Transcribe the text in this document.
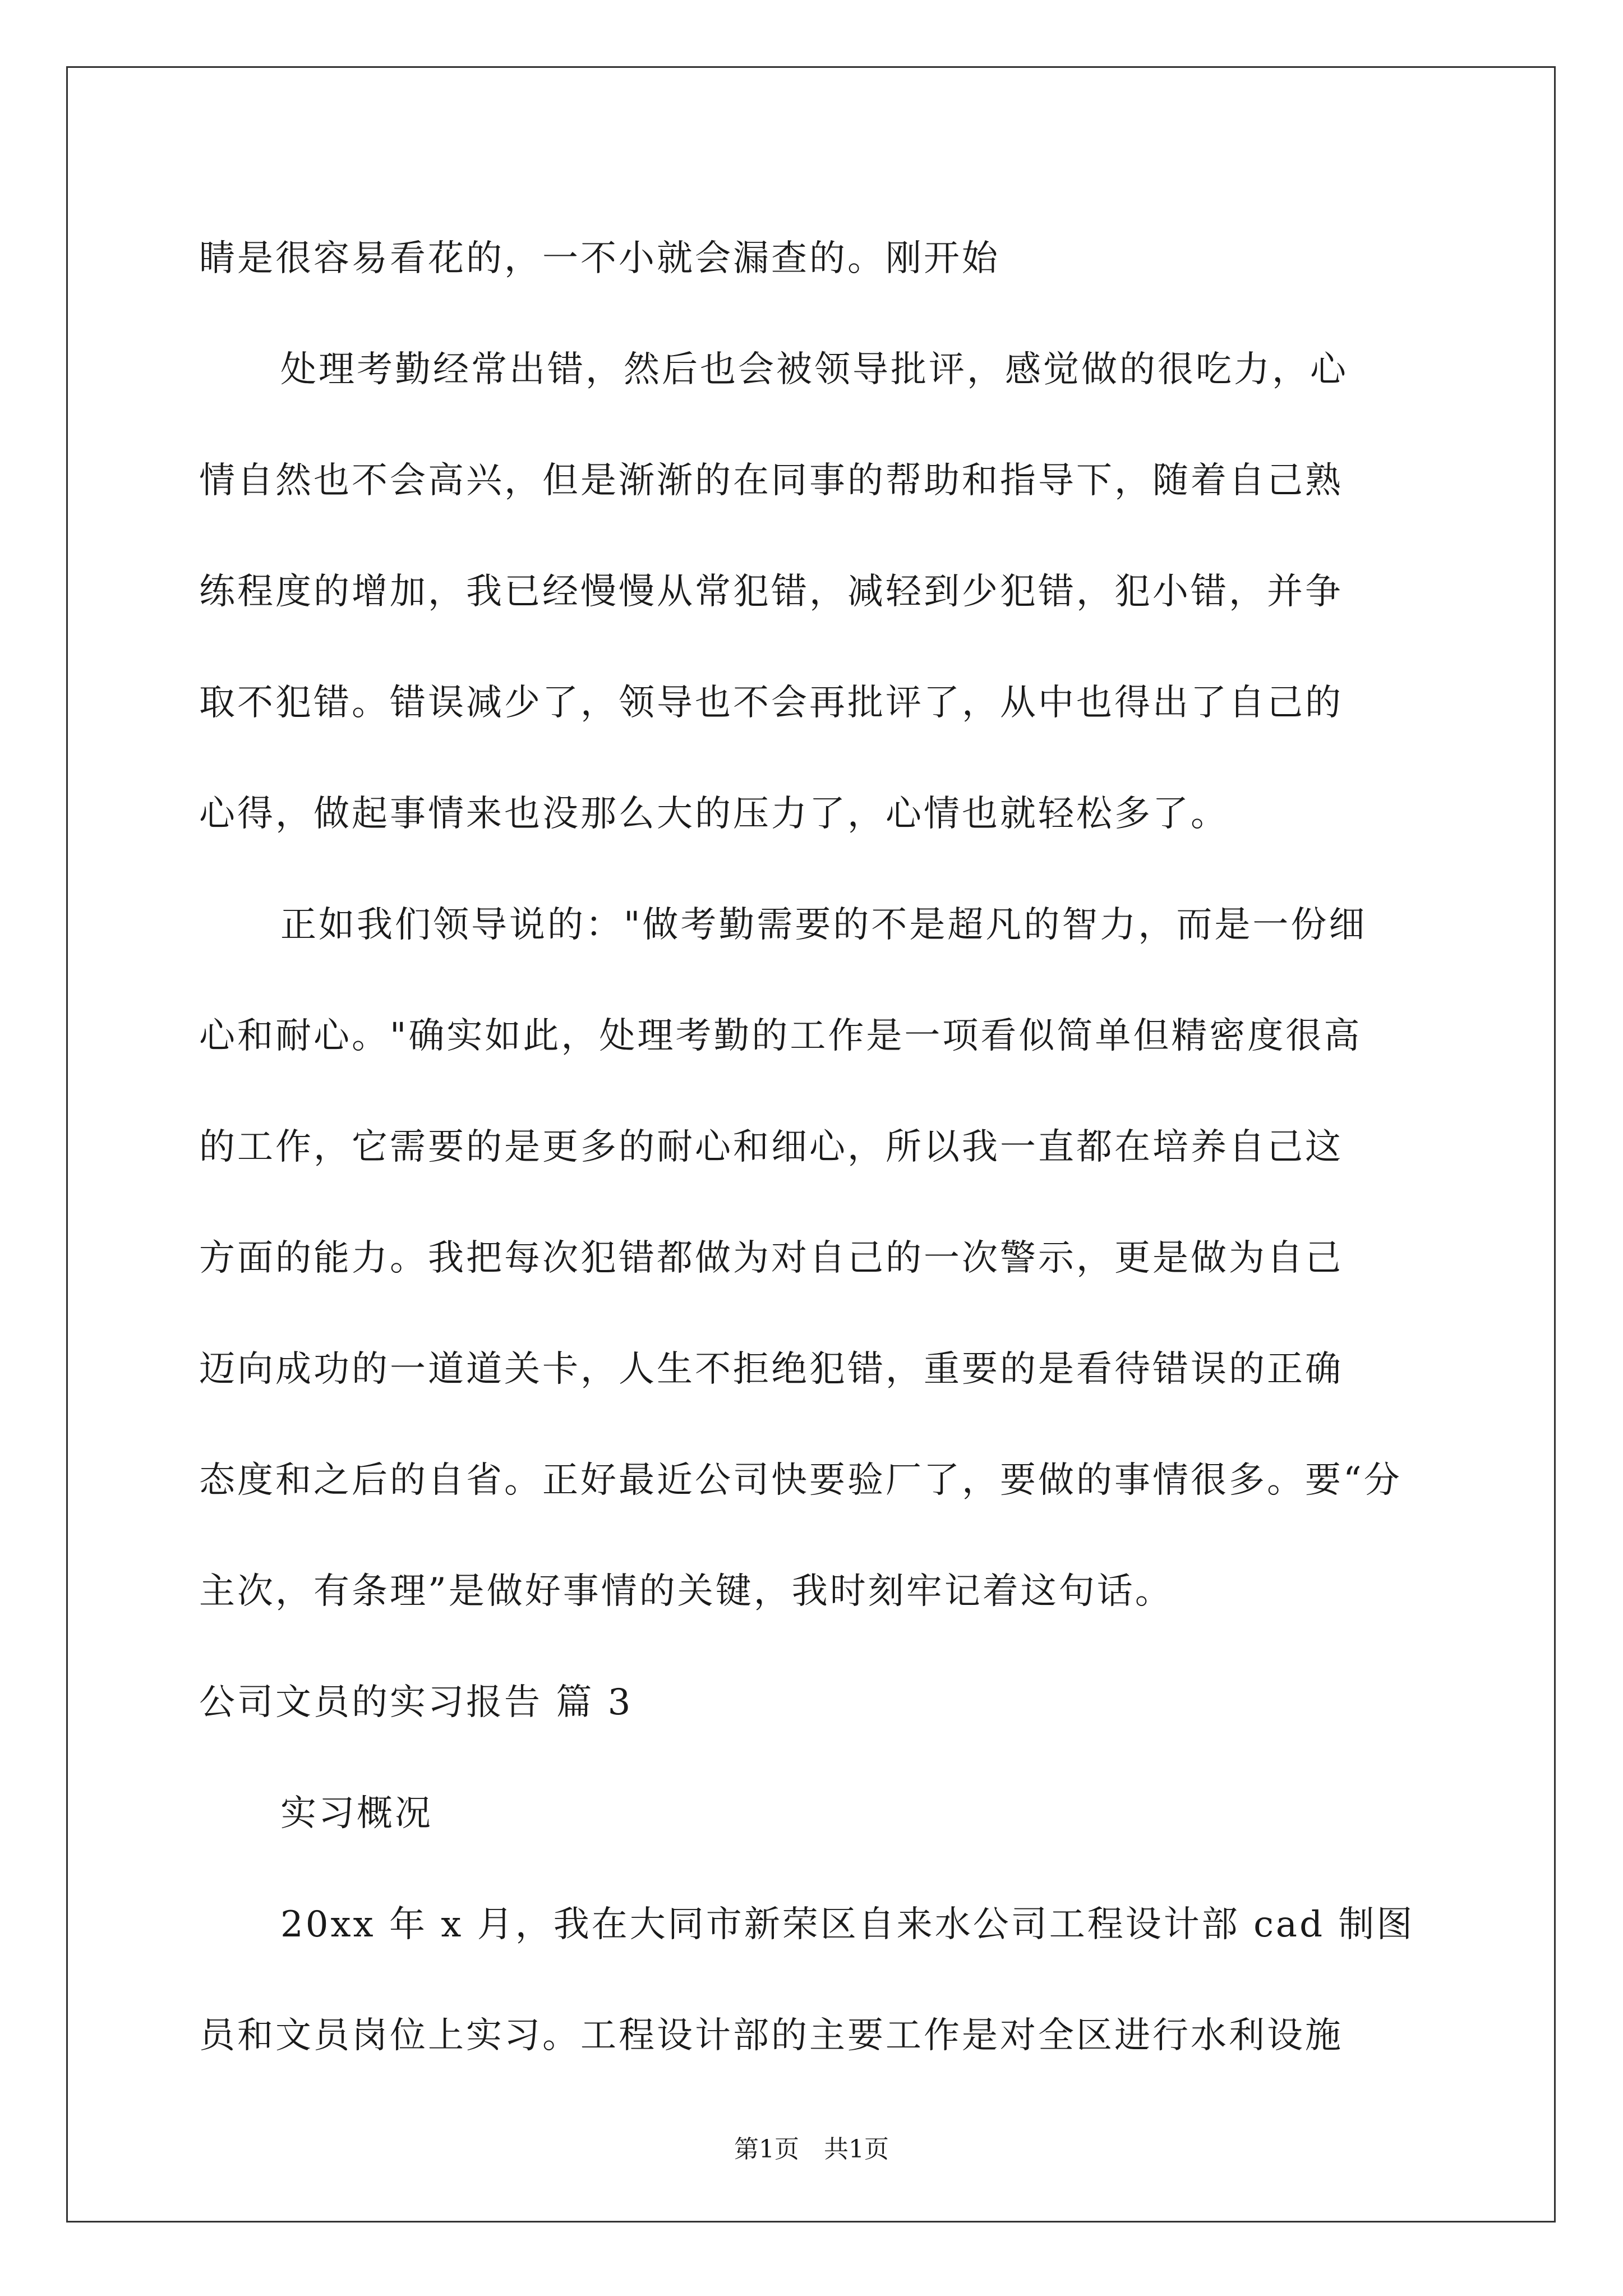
睛是很容易看花的，一不小就会漏查的。刚开始
处理考勤经常出错，然后也会被领导批评，感觉做的很吃力，心
情自然也不会高兴，但是渐渐的在同事的帮助和指导下，随着自己熟
练程度的增加，我已经慢慢从常犯错，减轻到少犯错，犯小错，并争
取不犯错。错误减少了，领导也不会再批评了，从中也得出了自己的
心得，做起事情来也没那么大的压力了，心情也就轻松多了。
正如我们领导说的："做考勤需要的不是超凡的智力，而是一份细
心和耐心。"确实如此，处理考勤的工作是一项看似简单但精密度很高
的工作，它需要的是更多的耐心和细心，所以我一直都在培养自己这
方面的能力。我把每次犯错都做为对自己的一次警示，更是做为自己
迈向成功的一道道关卡，人生不拒绝犯错，重要的是看待错误的正确
态度和之后的自省。正好最近公司快要验厂了，要做的事情很多。要“分
主次，有条理”是做好事情的关键，我时刻牢记着这句话。
公司文员的实习报告 篇 3
实习概况
20xx 年 x 月，我在大同市新荣区自来水公司工程设计部 cad 制图
员和文员岗位上实习。工程设计部的主要工作是对全区进行水利设施
第1页　共1页
